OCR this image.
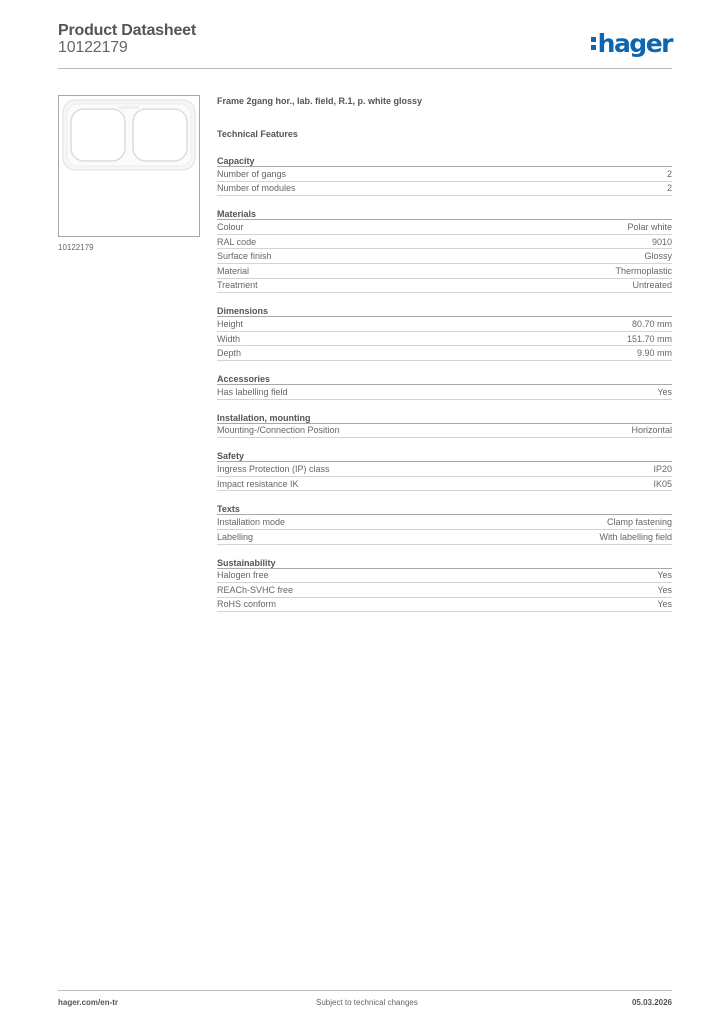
Product Datasheet
10122179	hager
10122179
Frame 2gang hor., lab. field, R.1, p. white glossy
Technical Features
Capacity
Number of gangs	2
Number of modules	2
Materials
Colour	Polar white
RAL code	9010
Surface finish	Glossy
Material	Thermoplastic
Treatment	Untreated
Dimensions
Height	80.70 mm
Width	151.70 mm
Depth	9.90 mm
Accessories
Has labelling field	Yes
Installation, mounting
Mounting-/Connection Position	Horizontal
Safety
Ingress Protection (IP) class	IP20
Impact resistance IK	IK05
Texts
Installation mode	Clamp fastening
Labelling	With labelling field
Sustainability
Halogen free	Yes
REACh-SVHC free	Yes
RoHS conform	Yes
hager.com/en-tr	Subject to technical changes	05.03.2026
